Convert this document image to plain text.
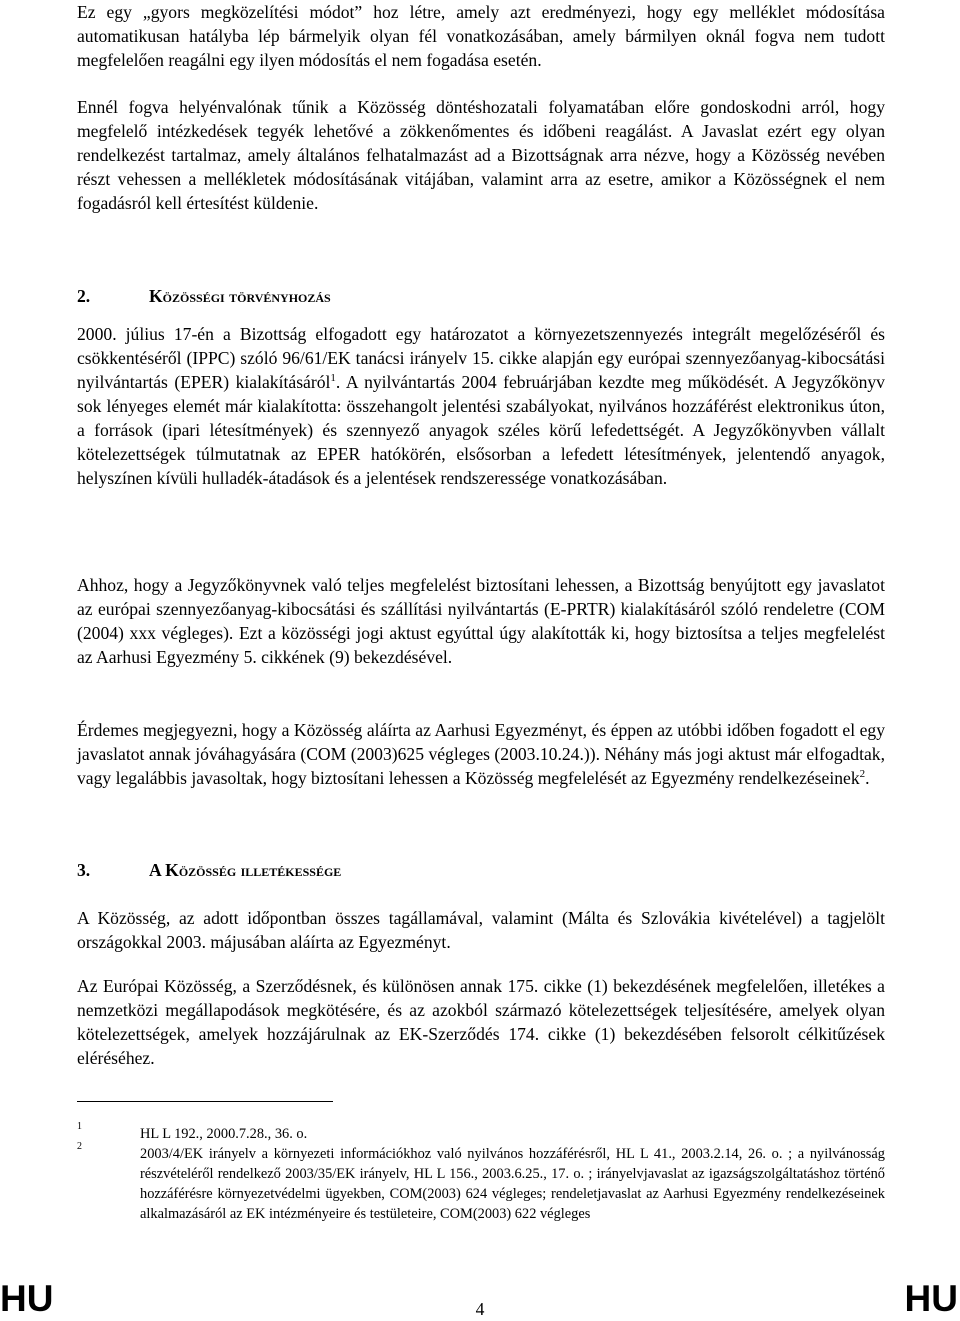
Ez egy „gyors megközelítési módot” hoz létre, amely azt eredményezi, hogy egy melléklet módosítása automatikusan hatályba lép bármelyik olyan fél vonatkozásában, amely bármilyen oknál fogva nem tudott megfelelően reagálni egy ilyen módosítás el nem fogadása esetén.

Ennél fogva helyénvalónak tűnik a Közösség döntéshozatali folyamatában előre gondoskodni arról, hogy megfelelő intézkedések tegyék lehetővé a zökkenőmentes és időbeni reagálást. A Javaslat ezért egy olyan rendelkezést tartalmaz, amely általános felhatalmazást ad a Bizottságnak arra nézve, hogy a Közösség nevében részt vehessen a mellékletek módosításának vitájában, valamint arra az esetre, amikor a Közösségnek el nem fogadásról kell értesítést küldenie.

2.	Közösségi törvényhozás

2000. július 17-én a Bizottság elfogadott egy határozatot a környezetszennyezés integrált megelőzéséről és csökkentéséről (IPPC) szóló 96/61/EK tanácsi irányelv 15. cikke alapján egy európai szennyezőanyag-kibocsátási nyilvántartás (EPER) kialakításáról$^1$. A nyilvántartás 2004 februárjában kezdte meg működését. A Jegyzőkönyv sok lényeges elemét már kialakította: összehangolt jelentési szabályokat, nyilvános hozzáférést elektronikus úton, a források (ipari létesítmények) és szennyező anyagok széles körű lefedettségét. A Jegyzőkönyvben vállalt kötelezettségek túlmutatnak az EPER hatókörén, elsősorban a lefedett létesítmények, jelentendő anyagok, helyszínen kívüli hulladék-átadások és a jelentések rendszeressége vonatkozásában.

Ahhoz, hogy a Jegyzőkönyvnek való teljes megfelelést biztosítani lehessen, a Bizottság benyújtott egy javaslatot az európai szennyezőanyag-kibocsátási és szállítási nyilvántartás (E-PRTR) kialakításáról szóló rendeletre (COM (2004) xxx végleges). Ezt a közösségi jogi aktust egyúttal úgy alakították ki, hogy biztosítsa a teljes megfelelést az Aarhusi Egyezmény 5. cikkének (9) bekezdésével.

Érdemes megjegyezni, hogy a Közösség aláírta az Aarhusi Egyezményt, és éppen az utóbbi időben fogadott el egy javaslatot annak jóváhagyására (COM (2003)625 végleges (2003.10.24.)). Néhány más jogi aktust már elfogadtak, vagy legalábbis javasoltak, hogy biztosítani lehessen a Közösség megfelelését az Egyezmény rendelkezéseinek$^2$.

3.	A Közösség illetékessége

A Közösség, az adott időpontban összes tagállamával, valamint (Málta és Szlovákia kivételével) a tagjelölt országokkal 2003. májusában aláírta az Egyezményt.

Az Európai Közösség, a Szerződésnek, és különösen annak 175. cikke (1) bekezdésének megfelelően, illetékes a nemzetközi megállapodások megkötésére, és az azokból származó kötelezettségek teljesítésére, amelyek olyan kötelezettségek, amelyek hozzájárulnak az EK-Szerződés 174. cikke (1) bekezdésében felsorolt célkitűzések eléréséhez.

1	HL L 192., 2000.7.28., 36. o.
2	2003/4/EK irányelv a környezeti információkhoz való nyilvános hozzáférésről, HL L 41., 2003.2.14, 26. o. ; a nyilvánosság részvételéről rendelkező 2003/35/EK irányelv, HL L 156., 2003.6.25., 17. o. ; irányelvjavaslat az igazságszolgáltatáshoz történő hozzáférésre környezetvédelmi ügyekben, COM(2003) 624 végleges; rendeletjavaslat az Aarhusi Egyezmény rendelkezéseinek alkalmazásáról az EK intézményeire és testületeire, COM(2003) 622 végleges
HU	4	HU
